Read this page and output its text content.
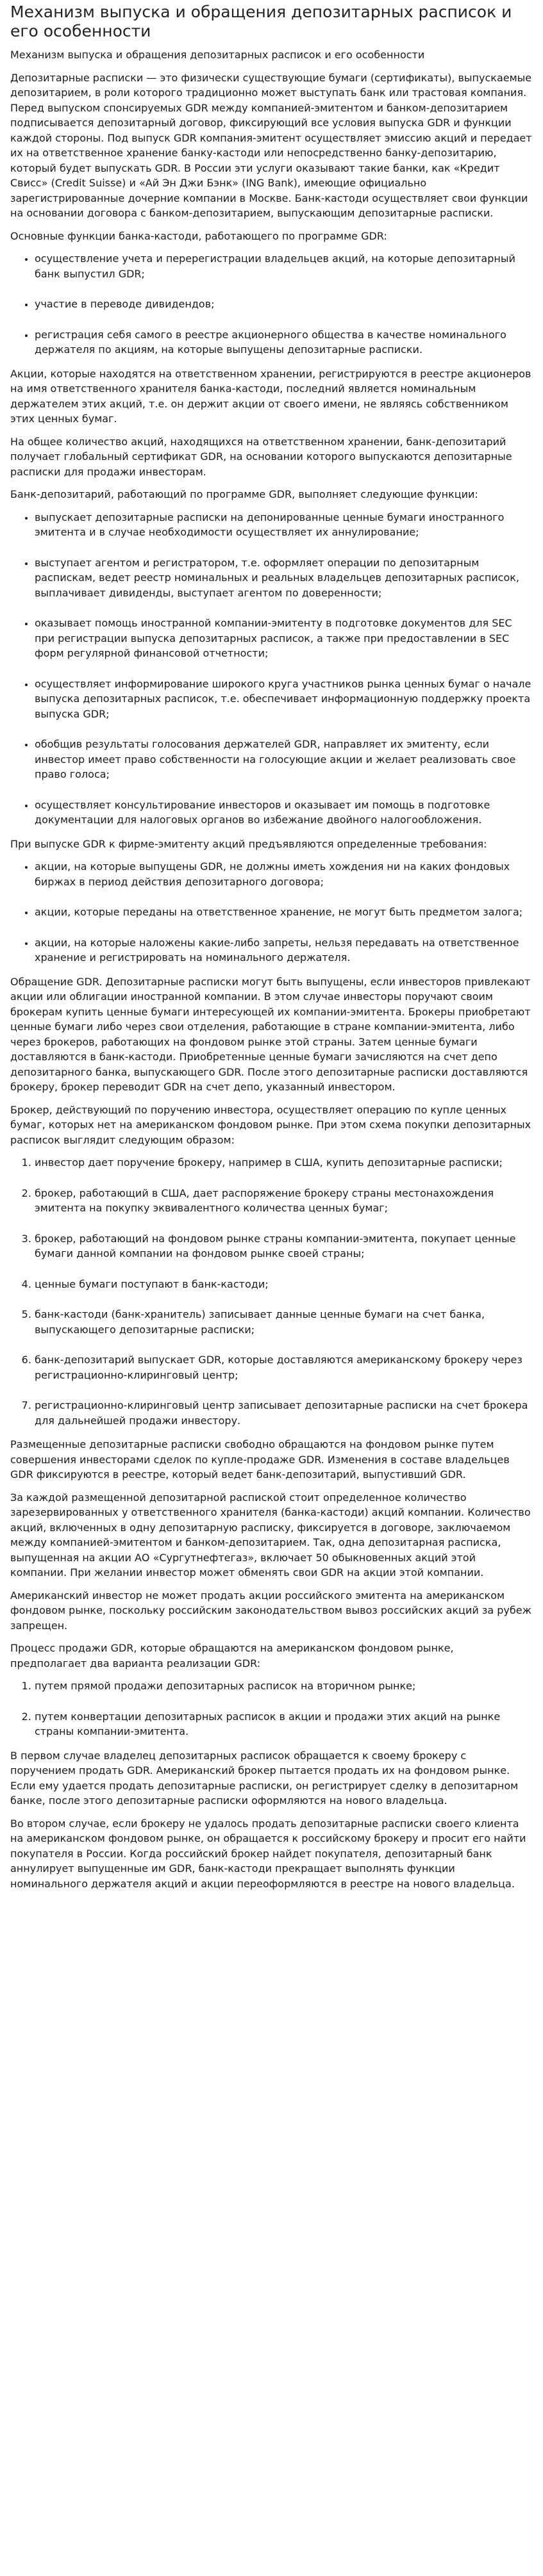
Механизм выпуска и обращения депозитарных расписок и его особенности

Механизм выпуска и обращения депозитарных расписок и его особенности

Депозитарные расписки — это физически существующие бумаги (сертификаты), выпускаемые депозитарием, в роли которого традиционно может выступать банк или трастовая компания. Перед выпуском спонсируемых GDR между компанией-эмитентом и банком-депозитарием подписывается депозитарный договор, фиксирующий все условия выпуска GDR и функции каждой стороны. Под выпуск GDR компания-эмитент осуществляет эмиссию акций и передает их на ответственное хранение банку-кастоди или непосредственно банку-депозитарию, который будет выпускать GDR. В России эти услуги оказывают такие банки, как «Кредит Свисс» (Credit Suisse) и «Ай Эн Джи Бэнк» (ING Bank), имеющие официально зарегистрированные дочерние компании в Москве. Банк-кастоди осуществляет свои функции на основании договора с банком-депозитарием, выпускающим депозитарные расписки.

Основные функции банка-кастоди, работающего по программе GDR:

• осуществление учета и перерегистрации владельцев акций, на которые депозитарный банк выпустил GDR;
• участие в переводе дивидендов;
• регистрация себя самого в реестре акционерного общества в качестве номинального держателя по акциям, на которые выпущены депозитарные расписки.

Акции, которые находятся на ответственном хранении, регистрируются в реестре акционеров на имя ответственного хранителя банка-кастоди, последний является номинальным держателем этих акций, т.е. он держит акции от своего имени, не являясь собственником этих ценных бумаг.

На общее количество акций, находящихся на ответственном хранении, банк-депозитарий получает глобальный сертификат GDR, на основании которого выпускаются депозитарные расписки для продажи инвесторам.

Банк-депозитарий, работающий по программе GDR, выполняет следующие функции:

• выпускает депозитарные расписки на депонированные ценные бумаги иностранного эмитента и в случае необходимости осуществляет их аннулирование;
• выступает агентом и регистратором, т.е. оформляет операции по депозитарным распискам, ведет реестр номинальных и реальных владельцев депозитарных расписок, выплачивает дивиденды, выступает агентом по доверенности;
• оказывает помощь иностранной компании-эмитенту в подготовке документов для SEC при регистрации выпуска депозитарных расписок, а также при предоставлении в SEC форм регулярной финансовой отчетности;
• осуществляет информирование широкого круга участников рынка ценных бумаг о начале выпуска депозитарных расписок, т.е. обеспечивает информационную поддержку проекта выпуска GDR;
• обобщив результаты голосования держателей GDR, направляет их эмитенту, если инвестор имеет право собственности на голосующие акции и желает реализовать свое право голоса;
• осуществляет консультирование инвесторов и оказывает им помощь в подготовке документации для налоговых органов во избежание двойного налогообложения.

При выпуске GDR к фирме-эмитенту акций предъявляются определенные требования:

• акции, на которые выпущены GDR, не должны иметь хождения ни на каких фондовых биржах в период действия депозитарного договора;
• акции, которые переданы на ответственное хранение, не могут быть предметом залога;
• акции, на которые наложены какие-либо запреты, нельзя передавать на ответственное хранение и регистрировать на номинального держателя.

Обращение GDR. Депозитарные расписки могут быть выпущены, если инвесторов привлекают акции или облигации иностранной компании. В этом случае инвесторы поручают своим брокерам купить ценные бумаги интересующей их компании-эмитента. Брокеры приобретают ценные бумаги либо через свои отделения, работающие в стране компании-эмитента, либо через брокеров, работающих на фондовом рынке этой страны. Затем ценные бумаги доставляются в банк-кастоди. Приобретенные ценные бумаги зачисляются на счет депо депозитарного банка, выпускающего GDR. После этого депозитарные расписки доставляются брокеру, брокер переводит GDR на счет депо, указанный инвестором.

Брокер, действующий по поручению инвестора, осуществляет операцию по купле ценных бумаг, которых нет на американском фондовом рынке. При этом схема покупки депозитарных расписок выглядит следующим образом:

1. инвестор дает поручение брокеру, например в США, купить депозитарные расписки;
2. брокер, работающий в США, дает распоряжение брокеру страны местонахождения эмитента на покупку эквивалентного количества ценных бумаг;
3. брокер, работающий на фондовом рынке страны компании-эмитента, покупает ценные бумаги данной компании на фондовом рынке своей страны;
4. ценные бумаги поступают в банк-кастоди;
5. банк-кастоди (банк-хранитель) записывает данные ценные бумаги на счет банка, выпускающего депозитарные расписки;
6. банк-депозитарий выпускает GDR, которые доставляются американскому брокеру через регистрационно-клиринговый центр;
7. регистрационно-клиринговый центр записывает депозитарные расписки на счет брокера для дальнейшей продажи инвестору.

Размещенные депозитарные расписки свободно обращаются на фондовом рынке путем совершения инвесторами сделок по купле-продаже GDR. Изменения в составе владельцев GDR фиксируются в реестре, который ведет банк-депозитарий, выпустивший GDR.

За каждой размещенной депозитарной распиской стоит определенное количество зарезервированных у ответственного хранителя (банка-кастоди) акций компании. Количество акций, включенных в одну депозитарную расписку, фиксируется в договоре, заключаемом между компанией-эмитентом и банком-депозитарием. Так, одна депозитарная расписка, выпущенная на акции АО «Сургутнефтегаз», включает 50 обыкновенных акций этой компании. При желании инвестор может обменять свои GDR на акции этой компании.

Американский инвестор не может продать акции российского эмитента на американском фондовом рынке, поскольку российским законодательством вывоз российских акций за рубеж запрещен.

Процесс продажи GDR, которые обращаются на американском фондовом рынке, предполагает два варианта реализации GDR:

1. путем прямой продажи депозитарных расписок на вторичном рынке;
2. путем конвертации депозитарных расписок в акции и продажи этих акций на рынке страны компании-эмитента.

В первом случае владелец депозитарных расписок обращается к своему брокеру с поручением продать GDR. Американский брокер пытается продать их на фондовом рынке. Если ему удается продать депозитарные расписки, он регистрирует сделку в депозитарном банке, после этого депозитарные расписки оформляются на нового владельца.

Во втором случае, если брокеру не удалось продать депозитарные расписки своего клиента на американском фондовом рынке, он обращается к российскому брокеру и просит его найти покупателя в России. Когда российский брокер найдет покупателя, депозитарный банк аннулирует выпущенные им GDR, банк-кастоди прекращает выполнять функции номинального держателя акций и акции переоформляются в реестре на нового владельца.
